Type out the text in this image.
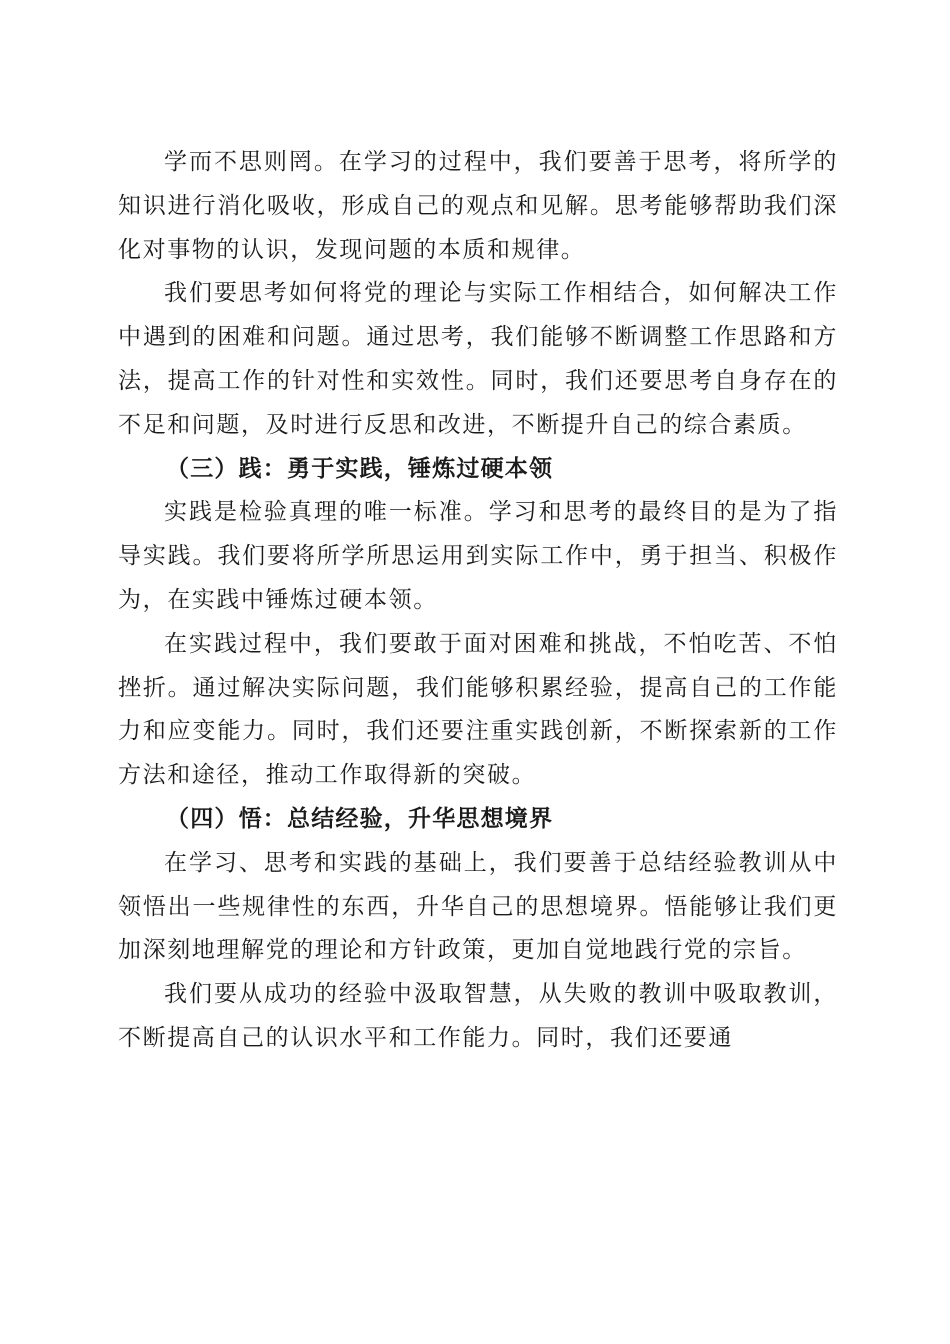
学而不思则罔。在学习的过程中，我们要善于思考，将所学的知识进行消化吸收，形成自己的观点和见解。思考能够帮助我们深化对事物的认识，发现问题的本质和规律。

我们要思考如何将党的理论与实际工作相结合，如何解决工作中遇到的困难和问题。通过思考，我们能够不断调整工作思路和方法，提高工作的针对性和实效性。同时，我们还要思考自身存在的不足和问题，及时进行反思和改进，不断提升自己的综合素质。

（三）践：勇于实践，锤炼过硬本领

实践是检验真理的唯一标准。学习和思考的最终目的是为了指导实践。我们要将所学所思运用到实际工作中，勇于担当、积极作为，在实践中锤炼过硬本领。

在实践过程中，我们要敢于面对困难和挑战，不怕吃苦、不怕挫折。通过解决实际问题，我们能够积累经验，提高自己的工作能力和应变能力。同时，我们还要注重实践创新，不断探索新的工作方法和途径，推动工作取得新的突破。

（四）悟：总结经验，升华思想境界

在学习、思考和实践的基础上，我们要善于总结经验教训从中领悟出一些规律性的东西，升华自己的思想境界。悟能够让我们更加深刻地理解党的理论和方针政策，更加自觉地践行党的宗旨。

我们要从成功的经验中汲取智慧，从失败的教训中吸取教训，不断提高自己的认识水平和工作能力。同时，我们还要通
